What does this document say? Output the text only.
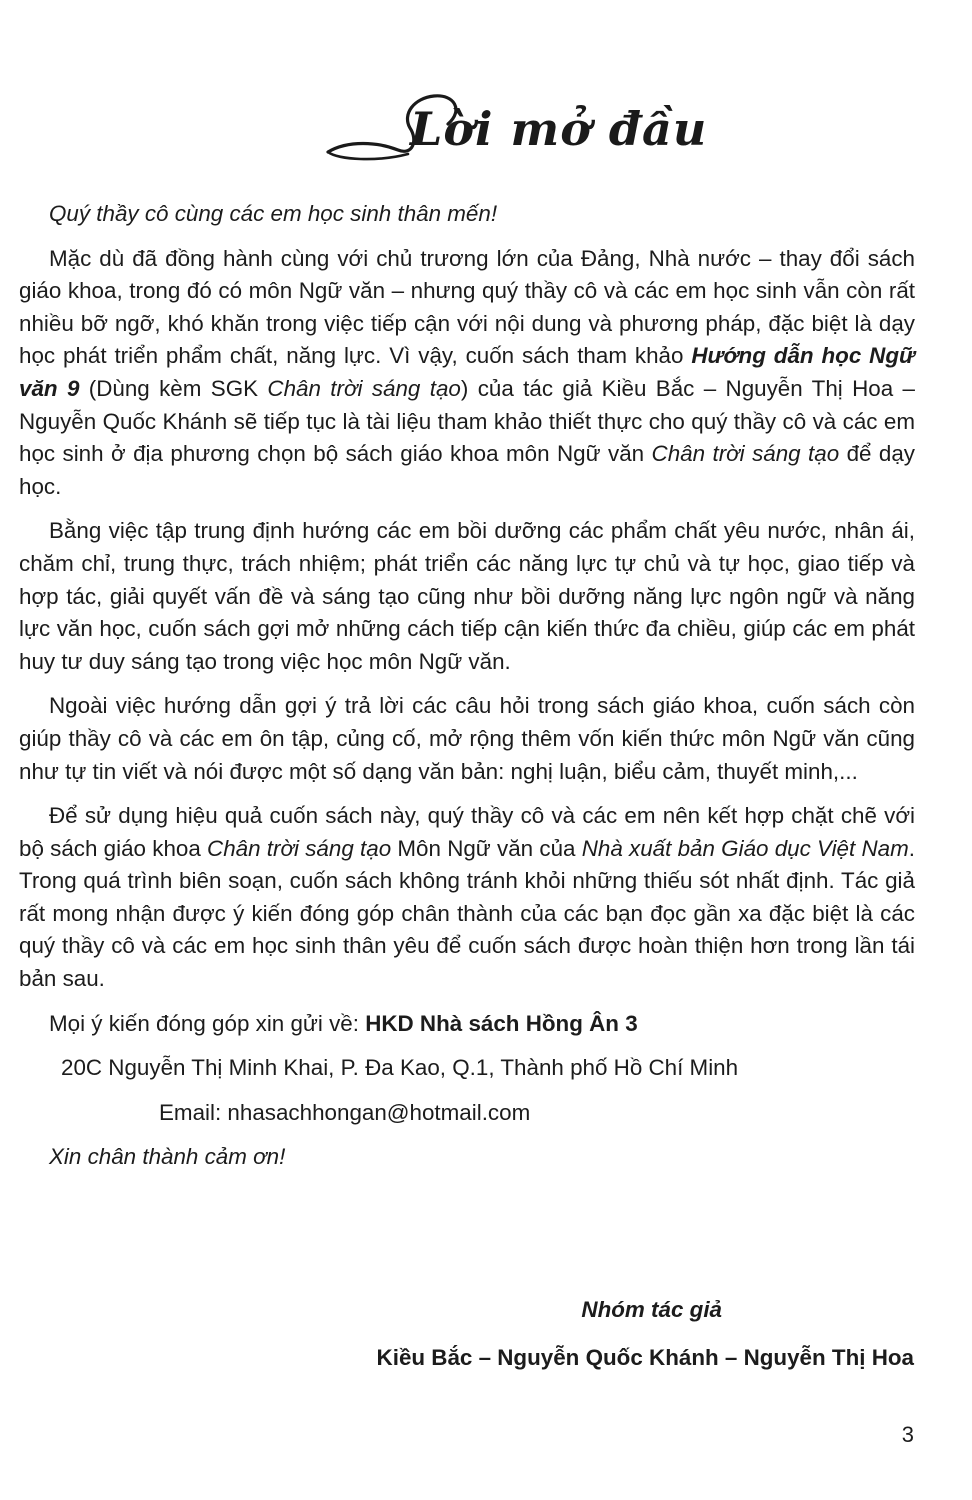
Lời mở đầu

Quý thầy cô cùng các em học sinh thân mến!

Mặc dù đã đồng hành cùng với chủ trương lớn của Đảng, Nhà nước – thay đổi sách giáo khoa, trong đó có môn Ngữ văn – nhưng quý thầy cô và các em học sinh vẫn còn rất nhiều bỡ ngỡ, khó khăn trong việc tiếp cận với nội dung và phương pháp, đặc biệt là dạy học phát triển phẩm chất, năng lực. Vì vậy, cuốn sách tham khảo Hướng dẫn học Ngữ văn 9 (Dùng kèm SGK Chân trời sáng tạo) của tác giả Kiều Bắc – Nguyễn Thị Hoa – Nguyễn Quốc Khánh sẽ tiếp tục là tài liệu tham khảo thiết thực cho quý thầy cô và các em học sinh ở địa phương chọn bộ sách giáo khoa môn Ngữ văn Chân trời sáng tạo để dạy học.

Bằng việc tập trung định hướng các em bồi dưỡng các phẩm chất yêu nước, nhân ái, chăm chỉ, trung thực, trách nhiệm; phát triển các năng lực tự chủ và tự học, giao tiếp và hợp tác, giải quyết vấn đề và sáng tạo cũng như bồi dưỡng năng lực ngôn ngữ và năng lực văn học, cuốn sách gợi mở những cách tiếp cận kiến thức đa chiều, giúp các em phát huy tư duy sáng tạo trong việc học môn Ngữ văn.

Ngoài việc hướng dẫn gợi ý trả lời các câu hỏi trong sách giáo khoa, cuốn sách còn giúp thầy cô và các em ôn tập, củng cố, mở rộng thêm vốn kiến thức môn Ngữ văn cũng như tự tin viết và nói được một số dạng văn bản: nghị luận, biểu cảm, thuyết minh,...

Để sử dụng hiệu quả cuốn sách này, quý thầy cô và các em nên kết hợp chặt chẽ với bộ sách giáo khoa Chân trời sáng tạo Môn Ngữ văn của Nhà xuất bản Giáo dục Việt Nam. Trong quá trình biên soạn, cuốn sách không tránh khỏi những thiếu sót nhất định. Tác giả rất mong nhận được ý kiến đóng góp chân thành của các bạn đọc gần xa đặc biệt là các quý thầy cô và các em học sinh thân yêu để cuốn sách được hoàn thiện hơn trong lần tái bản sau.

Mọi ý kiến đóng góp xin gửi về: HKD Nhà sách Hồng Ân 3

20C Nguyễn Thị Minh Khai, P. Đa Kao, Q.1, Thành phố Hồ Chí Minh

Email: nhasachhongan@hotmail.com

Xin chân thành cảm ơn!

Nhóm tác giả
Kiều Bắc – Nguyễn Quốc Khánh – Nguyễn Thị Hoa
3
